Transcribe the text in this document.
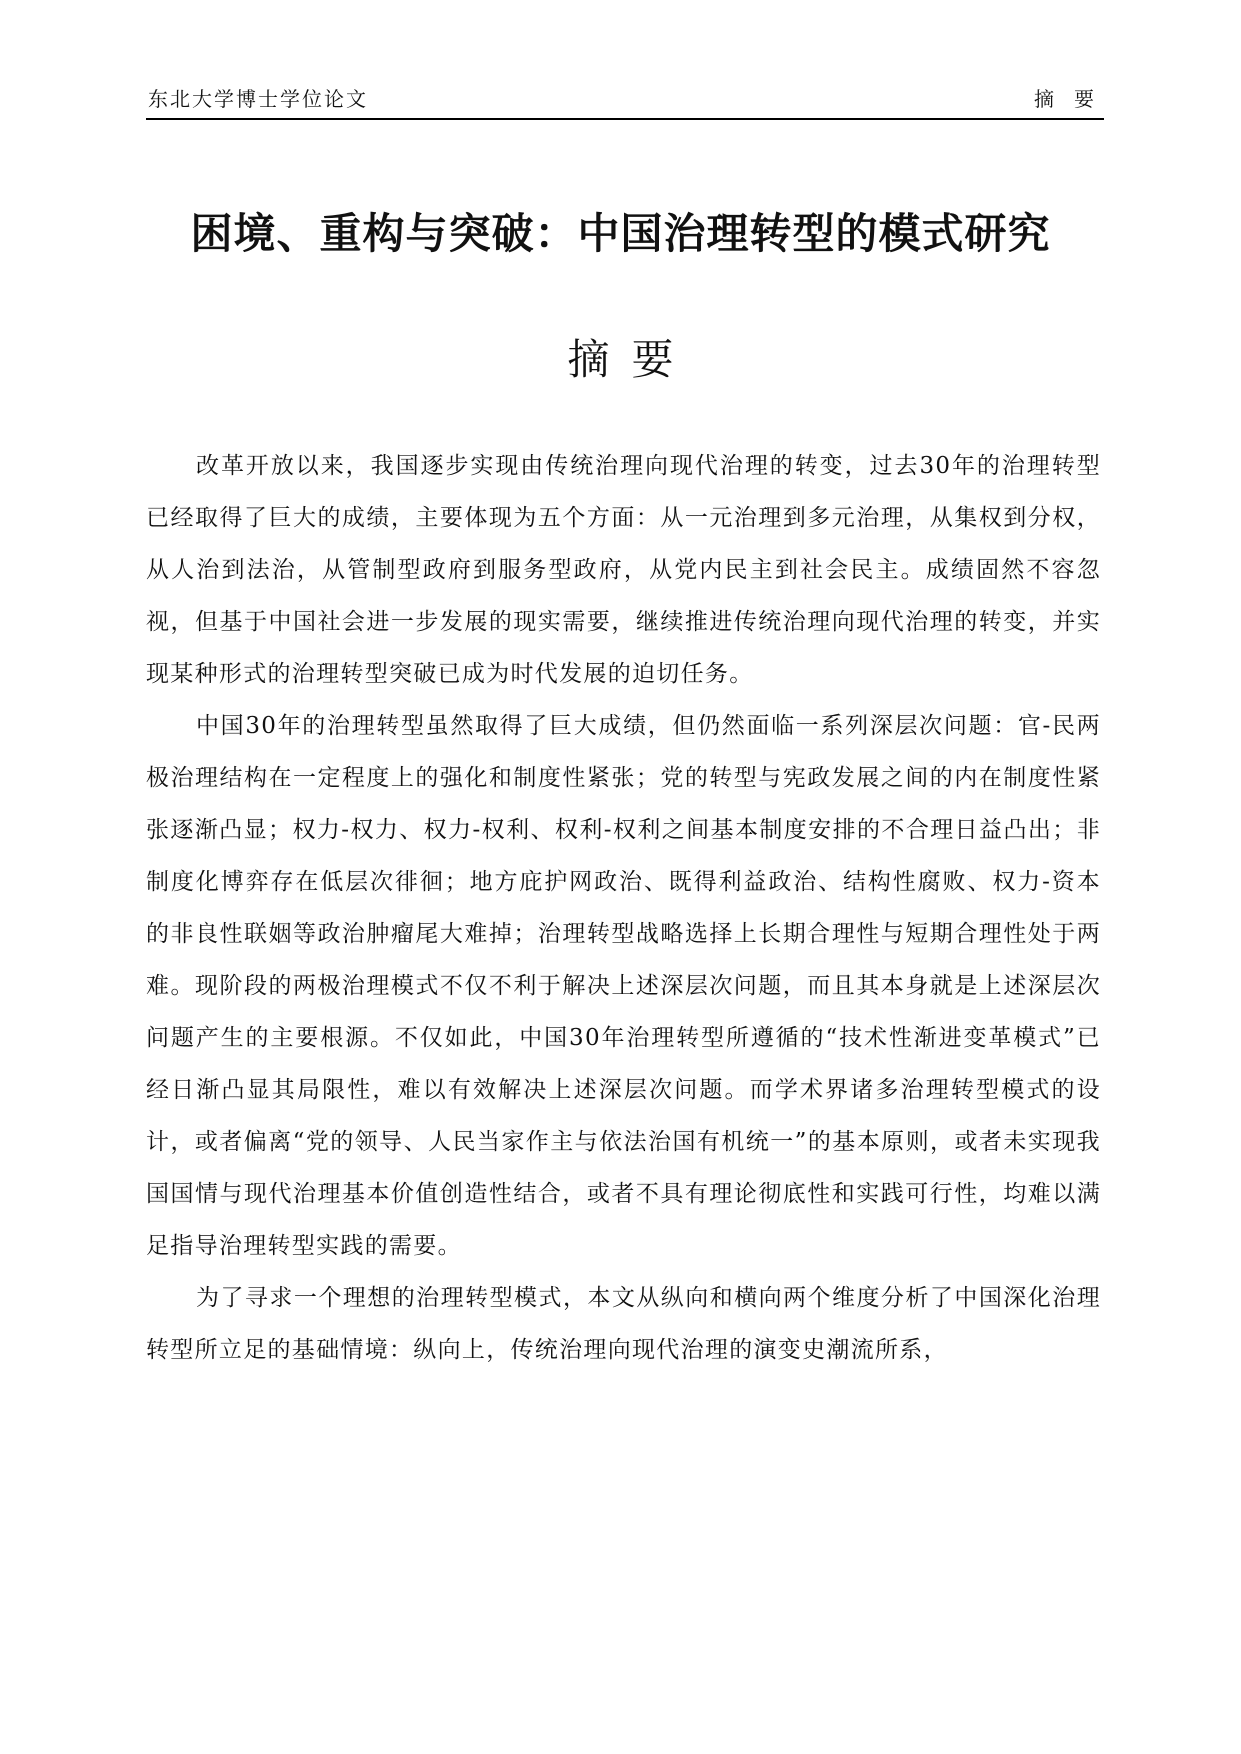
东北大学博士学位论文	摘要
困境、重构与突破：中国治理转型的模式研究
摘要

改革开放以来，我国逐步实现由传统治理向现代治理的转变，过去30年的治理转型已经取得了巨大的成绩，主要体现为五个方面：从一元治理到多元治理，从集权到分权，从人治到法治，从管制型政府到服务型政府，从党内民主到社会民主。成绩固然不容忽视，但基于中国社会进一步发展的现实需要，继续推进传统治理向现代治理的转变，并实现某种形式的治理转型突破已成为时代发展的迫切任务。

中国30年的治理转型虽然取得了巨大成绩，但仍然面临一系列深层次问题：官-民两极治理结构在一定程度上的强化和制度性紧张；党的转型与宪政发展之间的内在制度性紧张逐渐凸显；权力-权力、权力-权利、权利-权利之间基本制度安排的不合理日益凸出；非制度化博弈存在低层次徘徊；地方庇护网政治、既得利益政治、结构性腐败、权力-资本的非良性联姻等政治肿瘤尾大难掉；治理转型战略选择上长期合理性与短期合理性处于两难。现阶段的两极治理模式不仅不利于解决上述深层次问题，而且其本身就是上述深层次问题产生的主要根源。不仅如此，中国30年治理转型所遵循的“技术性渐进变革模式”已经日渐凸显其局限性，难以有效解决上述深层次问题。而学术界诸多治理转型模式的设计，或者偏离“党的领导、人民当家作主与依法治国有机统一”的基本原则，或者未实现我国国情与现代治理基本价值创造性结合，或者不具有理论彻底性和实践可行性，均难以满足指导治理转型实践的需要。

为了寻求一个理想的治理转型模式，本文从纵向和横向两个维度分析了中国深化治理转型所立足的基础情境：纵向上，传统治理向现代治理的演变史潮流所系，
